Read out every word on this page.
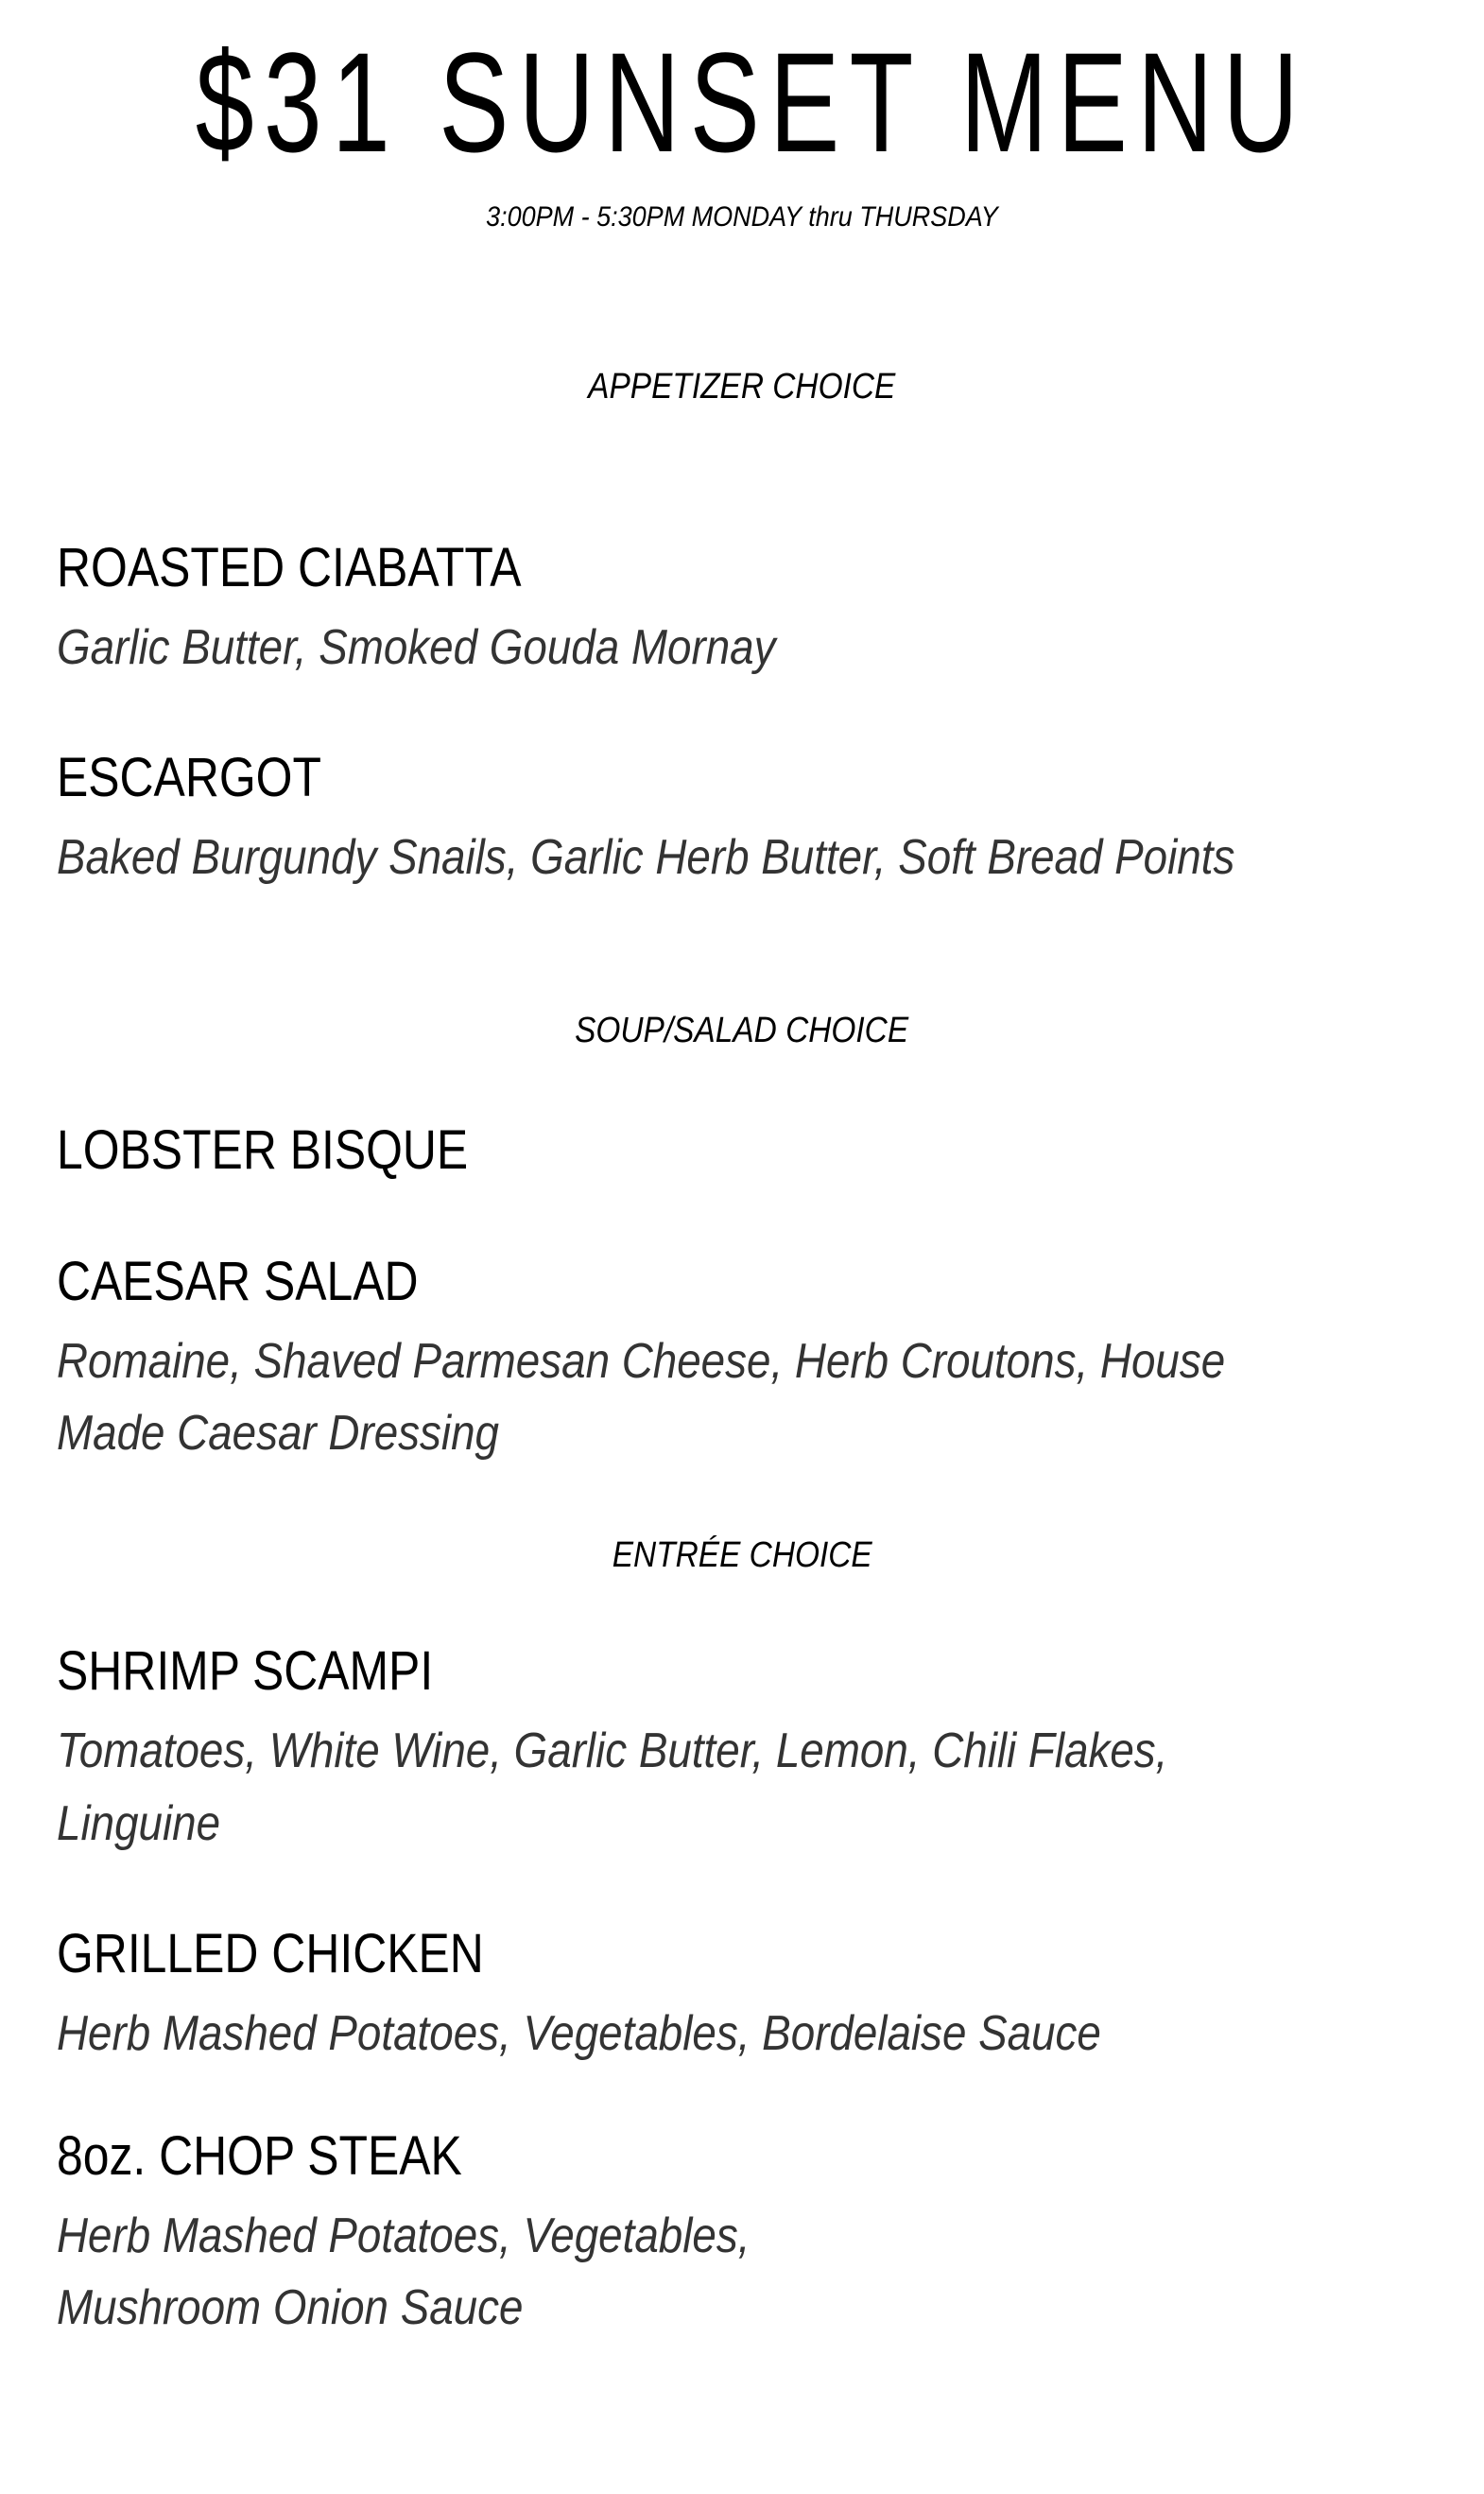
$31 SUNSET MENU
3:00PM - 5:30PM MONDAY thru THURSDAY
APPETIZER CHOICE
ROASTED CIABATTA
Garlic Butter, Smoked Gouda Mornay
ESCARGOT
Baked Burgundy Snails, Garlic Herb Butter, Soft Bread Points
SOUP/SALAD CHOICE
LOBSTER BISQUE
CAESAR SALAD
Romaine, Shaved Parmesan Cheese, Herb Croutons, House
Made Caesar Dressing
ENTRÉE CHOICE
SHRIMP SCAMPI
Tomatoes, White Wine, Garlic Butter, Lemon, Chili Flakes,
Linguine
GRILLED CHICKEN
Herb Mashed Potatoes, Vegetables, Bordelaise Sauce
8oz. CHOP STEAK
Herb Mashed Potatoes, Vegetables,
Mushroom Onion Sauce
